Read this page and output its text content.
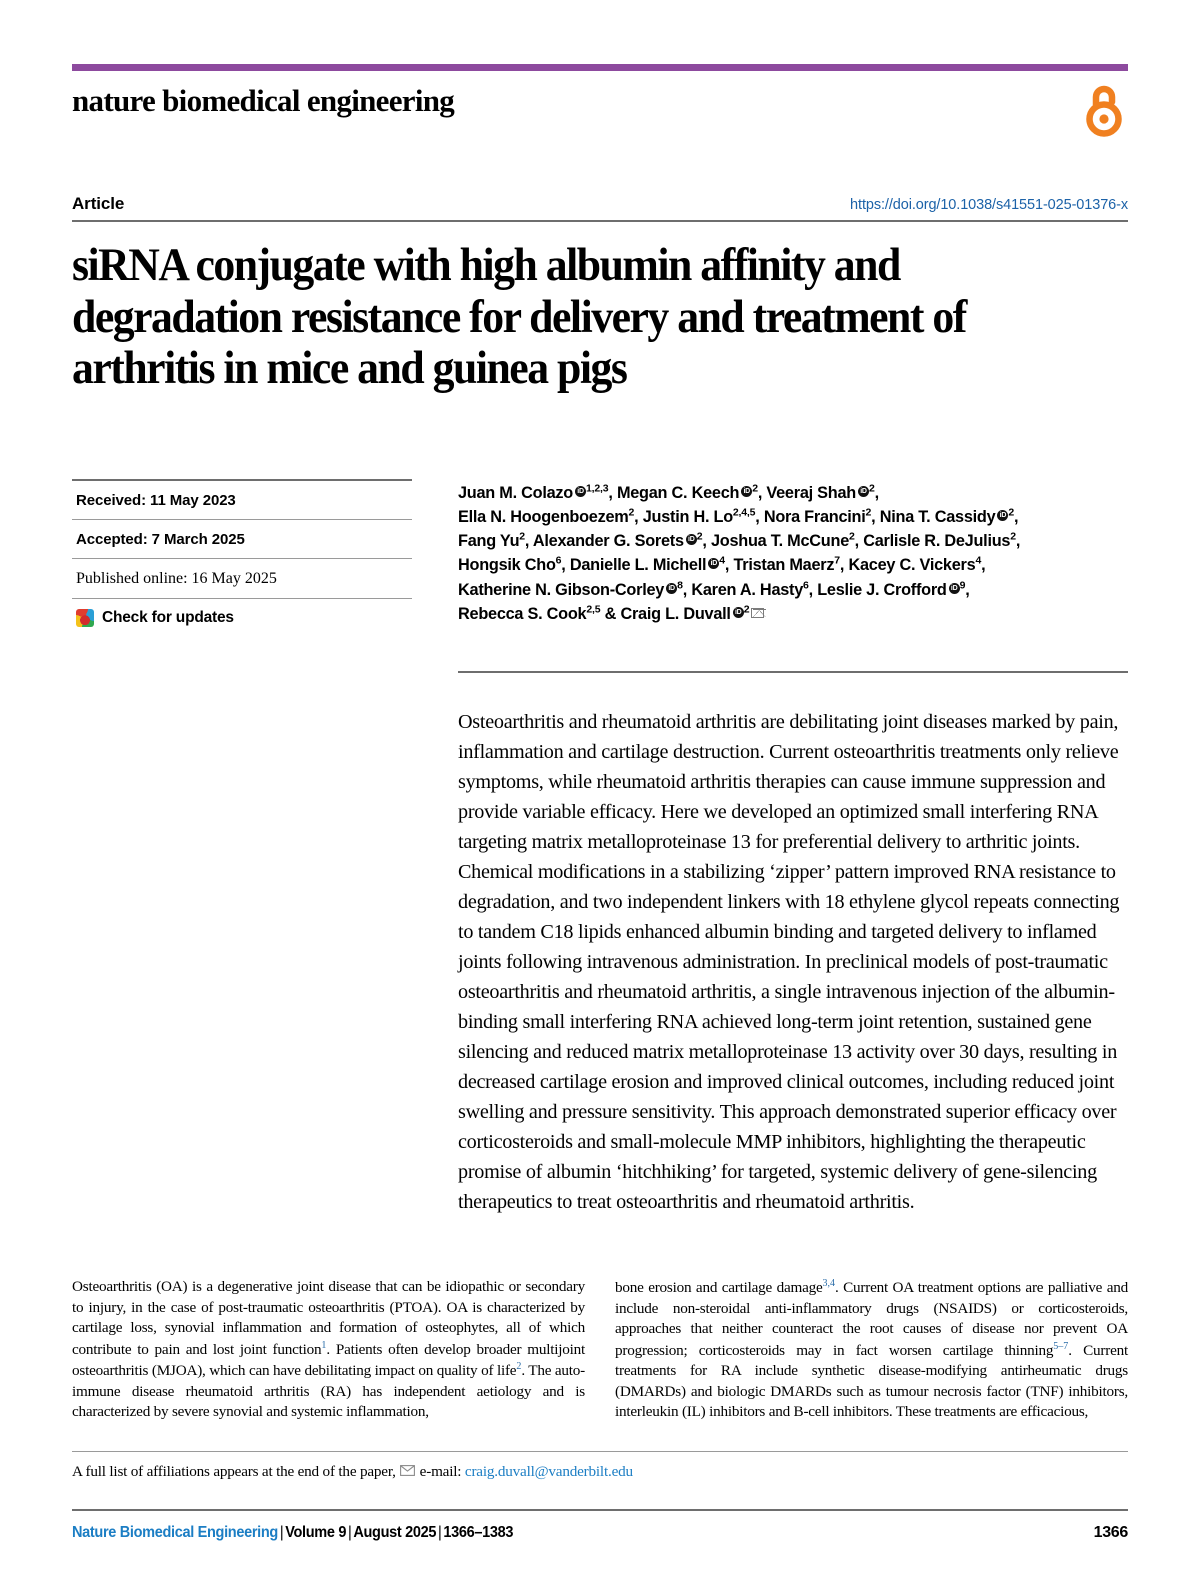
nature biomedical engineering
Article	https://doi.org/10.1038/s41551-025-01376-x
siRNA conjugate with high albumin affinity and degradation resistance for delivery and treatment of arthritis in mice and guinea pigs
Received: 11 May 2023
Accepted: 7 March 2025
Published online: 16 May 2025
Check for updates
Juan M. Colazo iD $^{1,2,3}$, Megan C. Keech iD $^2$, Veeraj Shah iD $^2$,
Ella N. Hoogenboezem$^2$, Justin H. Lo$^{2,4,5}$, Nora Francini$^2$, Nina T. Cassidy iD $^2$,
Fang Yu$^2$, Alexander G. Sorets iD $^2$, Joshua T. McCune$^2$, Carlisle R. DeJulius$^2$,
Hongsik Cho$^6$, Danielle L. Michell iD $^4$, Tristan Maerz$^7$, Kacey C. Vickers$^4$,
Katherine N. Gibson-Corley iD $^8$, Karen A. Hasty$^6$, Leslie J. Crofford iD $^9$,
Rebecca S. Cook$^{2,5}$ & Craig L. Duvall iD $^2$

Osteoarthritis and rheumatoid arthritis are debilitating joint diseases marked by pain, inflammation and cartilage destruction. Current osteoarthritis treatments only relieve symptoms, while rheumatoid arthritis therapies can cause immune suppression and provide variable efficacy. Here we developed an optimized small interfering RNA targeting matrix metalloproteinase 13 for preferential delivery to arthritic joints. Chemical modifications in a stabilizing ‘zipper’ pattern improved RNA resistance to degradation, and two independent linkers with 18 ethylene glycol repeats connecting to tandem C18 lipids enhanced albumin binding and targeted delivery to inflamed joints following intravenous administration. In preclinical models of post-traumatic osteoarthritis and rheumatoid arthritis, a single intravenous injection of the albumin-binding small interfering RNA achieved long-term joint retention, sustained gene silencing and reduced matrix metalloproteinase 13 activity over 30 days, resulting in decreased cartilage erosion and improved clinical outcomes, including reduced joint swelling and pressure sensitivity. This approach demonstrated superior efficacy over corticosteroids and small-molecule MMP inhibitors, highlighting the therapeutic promise of albumin ‘hitchhiking’ for targeted, systemic delivery of gene-silencing therapeutics to treat osteoarthritis and rheumatoid arthritis.

Osteoarthritis (OA) is a degenerative joint disease that can be idiopathic or secondary to injury, in the case of post-traumatic osteoarthritis (PTOA). OA is characterized by cartilage loss, synovial inflammation and formation of osteophytes, all of which contribute to pain and lost joint function$^1$. Patients often develop broader multijoint osteoarthritis (MJOA), which can have debilitating impact on quality of life$^2$. The auto-immune disease rheumatoid arthritis (RA) has independent aetiology and is characterized by severe synovial and systemic inflammation,

bone erosion and cartilage damage$^{3,4}$. Current OA treatment options are palliative and include non-steroidal anti-inflammatory drugs (NSAIDS) or corticosteroids, approaches that neither counteract the root causes of disease nor prevent OA progression; corticosteroids may in fact worsen cartilage thinning$^{5-7}$. Current treatments for RA include synthetic disease-modifying antirheumatic drugs (DMARDs) and biologic DMARDs such as tumour necrosis factor (TNF) inhibitors, interleukin (IL) inhibitors and B-cell inhibitors. These treatments are efficacious,

A full list of affiliations appears at the end of the paper, e-mail:
craig.duvall@vanderbilt.edu
Nature Biomedical Engineering | Volume 9 | August 2025 | 1366–1383	1366
